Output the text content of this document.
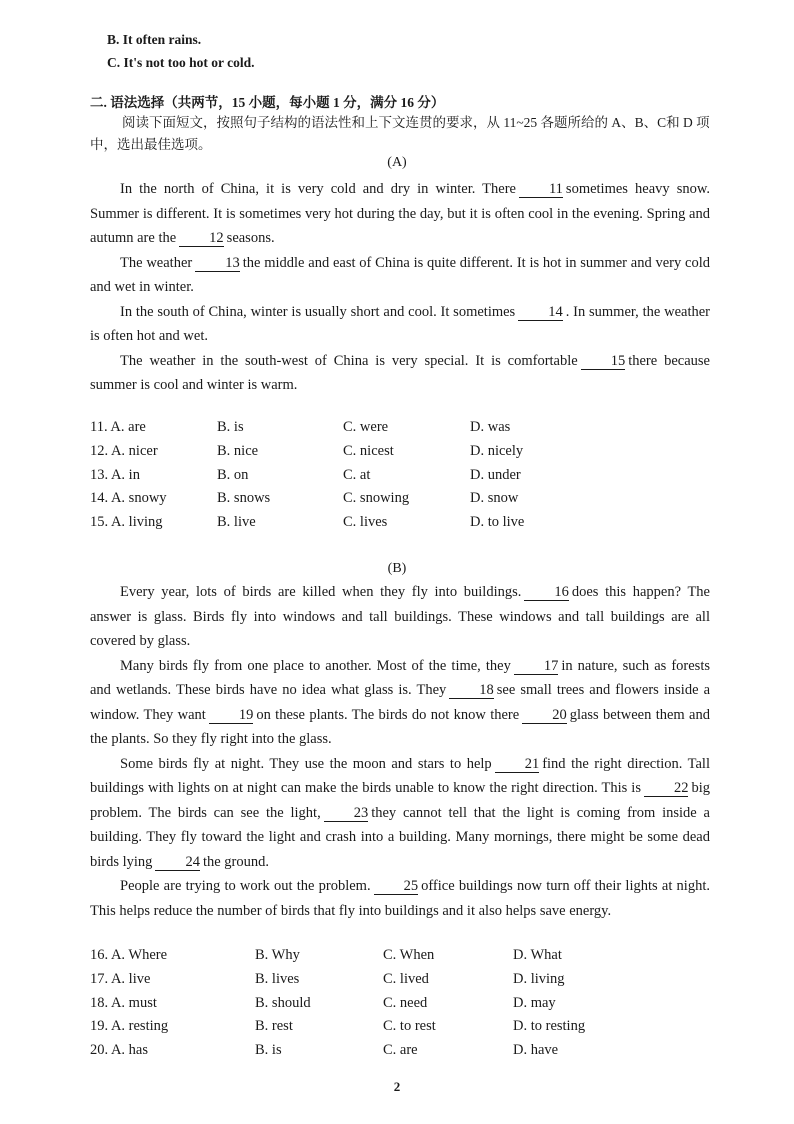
B. It often rains.
C. It's not too hot or cold.
二. 语法选择（共两节，15 小题，每小题 1 分，满分 16 分）
阅读下面短文，按照句子结构的语法性和上下文连贯的要求，从 11~25 各题所给的 A、B、C和 D 项中，选出最佳选项。
(A)

In the north of China, it is very cold and dry in winter. There 11 sometimes heavy snow. Summer is different. It is sometimes very hot during the day, but it is often cool in the evening. Spring and autumn are the 12 seasons.

The weather 13 the middle and east of China is quite different. It is hot in summer and very cold and wet in winter.

In the south of China, winter is usually short and cool. It sometimes 14 . In summer, the weather is often hot and wet.

The weather in the south-west of China is very special. It is comfortable 15 there because summer is cool and winter is warm.

11. A. are	B. is	C. were	D. was
12. A. nicer	B. nice	C. nicest	D. nicely
13. A. in	B. on	C. at	D. under
14. A. snowy	B. snows	C. snowing	D. snow
15. A. living	B. live	C. lives	D. to live
(B)

Every year, lots of birds are killed when they fly into buildings. 16 does this happen? The answer is glass. Birds fly into windows and tall buildings. These windows and tall buildings are all covered by glass.

Many birds fly from one place to another. Most of the time, they 17 in nature, such as forests and wetlands. These birds have no idea what glass is. They 18 see small trees and flowers inside a window. They want 19 on these plants. The birds do not know there 20 glass between them and the plants. So they fly right into the glass.

Some birds fly at night. They use the moon and stars to help 21 find the right direction. Tall buildings with lights on at night can make the birds unable to know the right direction. This is 22 big problem. The birds can see the light, 23 they cannot tell that the light is coming from inside a building. They fly toward the light and crash into a building. Many mornings, there might be some dead birds lying 24 the ground.

People are trying to work out the problem. 25 office buildings now turn off their lights at night. This helps reduce the number of birds that fly into buildings and it also helps save energy.

16. A. Where	B. Why	C. When	D. What
17. A. live	B. lives	C. lived	D. living
18. A. must	B. should	C. need	D. may
19. A. resting	B. rest	C. to rest	D. to resting
20. A. has	B. is	C. are	D. have
2
